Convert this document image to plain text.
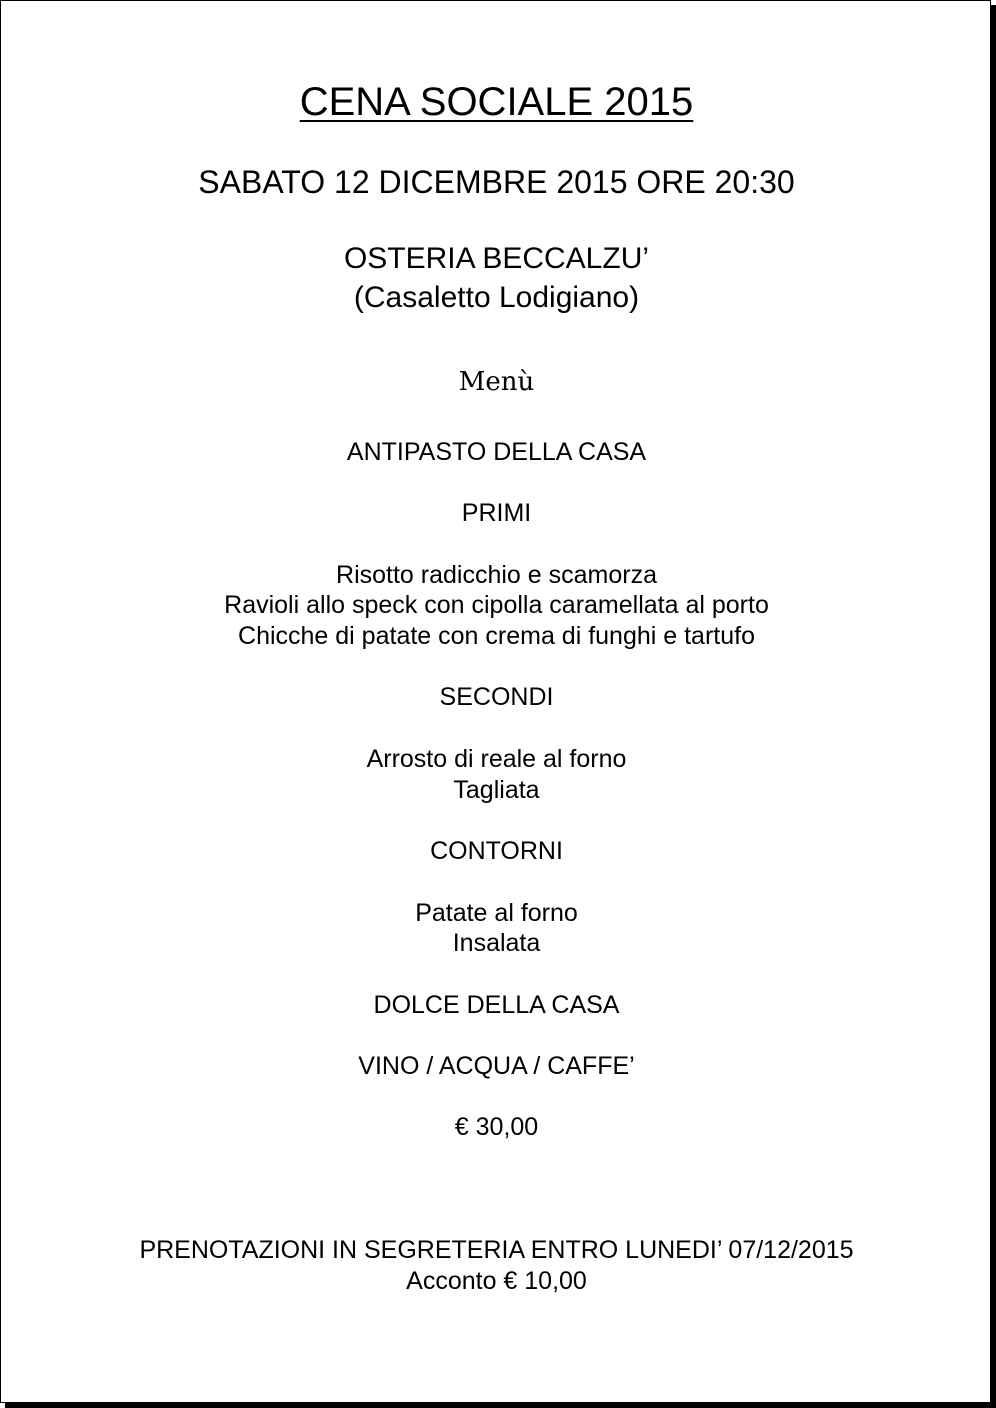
CENA SOCIALE 2015

SABATO 12 DICEMBRE 2015 ORE 20:30

OSTERIA BECCALZU’

(Casaletto Lodigiano)

Menù

ANTIPASTO DELLA CASA

PRIMI

Risotto radicchio e scamorza

Ravioli allo speck con cipolla caramellata al porto

Chicche di patate con crema di funghi e tartufo

SECONDI

Arrosto di reale al forno

Tagliata

CONTORNI

Patate al forno

Insalata

DOLCE DELLA CASA

VINO / ACQUA / CAFFE’

€ 30,00

PRENOTAZIONI IN SEGRETERIA ENTRO LUNEDI’ 07/12/2015

Acconto € 10,00
